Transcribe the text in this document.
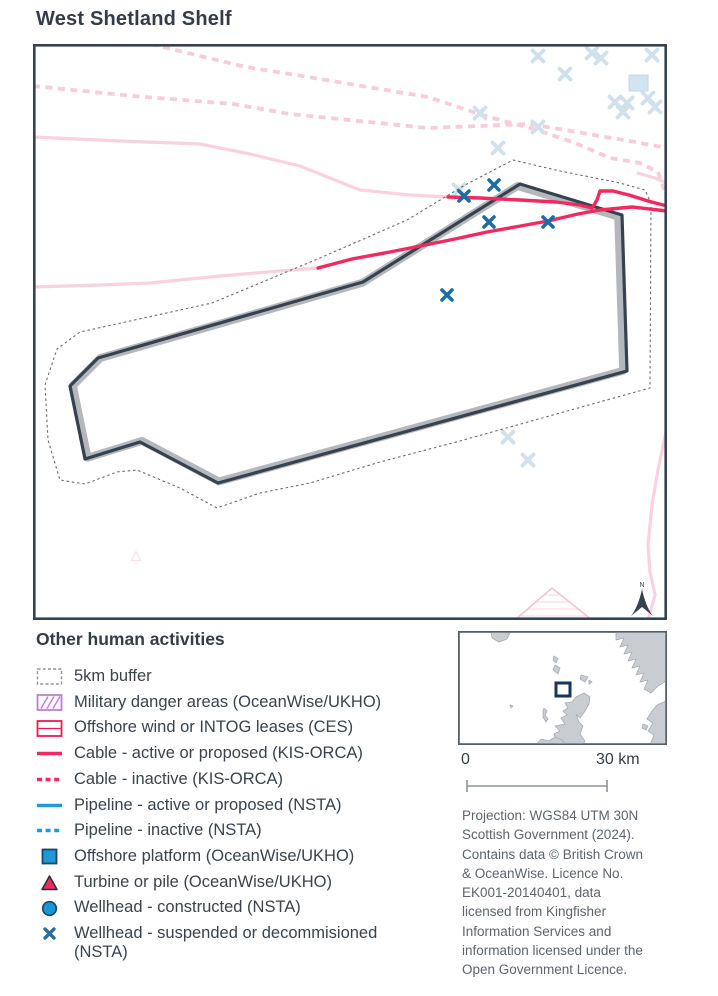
West Shetland Shelf
N
Other human activities
5km buffer
Military danger areas (OceanWise/UKHO)
Offshore wind or INTOG leases (CES)
Cable - active or proposed (KIS-ORCA)
Cable - inactive (KIS-ORCA)
Pipeline - active or proposed (NSTA)
Pipeline - inactive (NSTA)
Offshore platform (OceanWise/UKHO)
Turbine or pile (OceanWise/UKHO)
Wellhead - constructed (NSTA)
Wellhead - suspended or decommisioned
(NSTA)
0	30 km
Projection: WGS84 UTM 30N
Scottish Government (2024).
Contains data © British Crown
& OceanWise. Licence No.
EK001-20140401, data
licensed from Kingfisher
Information Services and
information licensed under the
Open Government Licence.
